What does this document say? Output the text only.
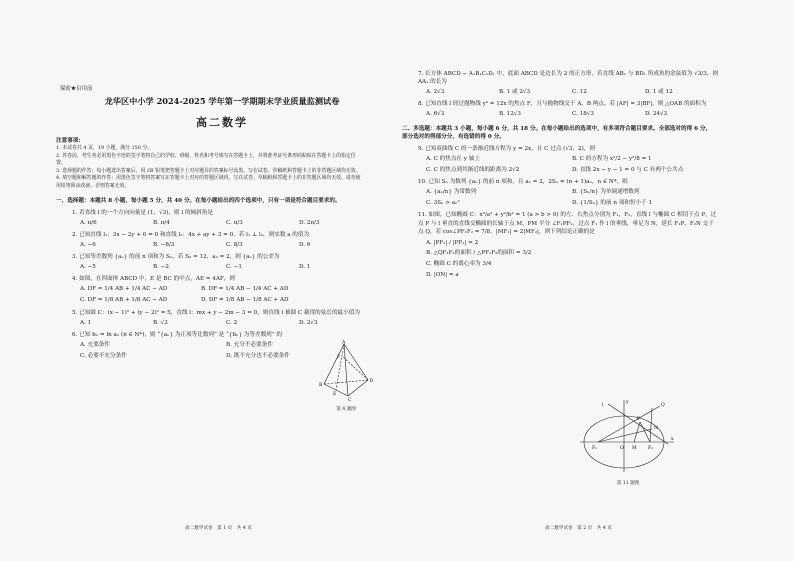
保密★启用前
龙华区中小学 2024-2025 学年第一学期期末学业质量监测试卷
高二数学
注意事项:
1. 本试卷共 4 页，19 小题，满分 150 分。
2. 答卷前，考生务必用黑色字迹的签字笔将自己的学校、班级、姓名和考号填写在答题卡上，并将准考证号条形码粘贴在答题卡上的指定位置。
3. 选择题的作答：每小题选出答案后，用 2B 铅笔把答题卡上对应题目的答案标号涂黑。写在试卷、草稿纸和答题卡上的非答题区域均无效。
4. 填空题和解答题的作答：用黑色签字笔将答案写在答题卡上对应的答题区域内。写在试卷、草稿纸和答题卡上的非答题区域均无效。请勿使用铅笔和涂改液，否则答案无效。
一、选择题：本题共 8 小题，每小题 5 分，共 40 分。在每小题给出的四个选项中，只有一项是符合题目要求的。
1. 若直线 l 的一个方向向量是 (1，√3)，则 l 的倾斜角是
A. π/6	B. π/4	C. π/3	D. 2π/3
2. 已知直线 l₁：3x − 2y + 6 = 0 和直线 l₂：4x + ay + 3 = 0，若 l₁ ⊥ l₂，则实数 a 的值为
A. −6	B. −8/3	C. 8/3	D. 6
3. 已知等差数列 {aₙ} 的前 n 项和为 Sₙ，若 S₃ = 12，a₂ = 2，则 {aₙ} 的公差为
A. −5	B. −2	C. −1	D. 1
4. 如图，在四面体 ABCD 中，E 是 BC 的中点，AE = 4AF，则
A. DF = 1/4 AB + 1/4 AC − AD	B. DF = 1/4 AB − 1/4 AC + AD
C. DF = 1/8 AB + 1/8 AC − AD	D. DF = 1/8 AB − 1/8 AC + AD
5. 已知圆 C：(x − 1)² + (y − 2)² = 5，直线 l：mx + y − 2m − 3 = 0，则直线 l 被圆 C 截得的弦长的最小值为
A. 1	B. √3	C. 2	D. 2√3
6. 已知 bₙ = ln aₙ (n ∈ N*)，则 “{aₙ} 为正项等比数列” 是 “{bₙ} 为等差数列” 的
A. 充要条件	B. 充分不必要条件
C. 必要不充分条件	D. 既不充分也不必要条件
A
B
C
D
E
F
第 4 题图
高二数学试卷　第 1 页　共 4 页
7. 长方体 ABCD − A₁B₁C₁D₁ 中，底面 ABCD 是边长为 2 的正方形，若直线 AB₁ 与 BD₁ 所成角的余弦值为 √3/3，则 AA₁ 的长为
A. 2√3	B. 1 或 2√3	C. 12	D. 1 或 12
8. 已知直线 l 经过抛物线 y² = 12x 的焦点 F，且与抛物线交于 A，B 两点，若 |AF| = 3|BF|，则 △OAB 的面积为
A. 6√3	B. 12√3	C. 18√3	D. 24√3
二、多选题：本题共 3 小题，每小题 6 分，共 18 分。在每小题给出的选项中，有多项符合题目要求。全部选对的得 6 分，部分选对的得部分分，有选错的得 0 分。
9. 已知双曲线 C 的一条渐近线方程为 y = 2x，且 C 过点 (√3，2)，则
A. C 的焦点在 y 轴上	B. C 的方程为 x²/2 − y²/8 = 1
C. C 的焦点到其渐近线的距离为 2√2	D. 直线 2x − y − 1 = 0 与 C 有两个公共点
10. 已知 Sₙ 为数列 {aₙ} 的前 n 项和，且 a₁ = 2，2Sₙ = (n + 1)aₙ，n ∈ N*，则
A. {aₙ/n} 为常数列	B. {Sₙ/n} 为单调递增数列
C. 3Sₙ > aₙ²	D. {1/Sₙ} 的前 n 项和恒小于 1
11. 如图，已知椭圆 C：x²/a² + y²/b² = 1 (a > b > 0) 的左、右焦点分别为 F₁，F₂，直线 l 与椭圆 C 相切于点 P，过点 P 与 l 垂直的直线交椭圆的长轴于点 M，PM 平分 ∠F₁PF₂，过点 F₁ 作 l 的垂线，垂足为 N，延长 F₁P，F₂N 交于点 Q，若 cos∠PF₁F₂ = 7/8，|MF₁| = 2|MF₂|，则下列结论正确的是
A. |PF₁| / |PF₂| = 2
B. △QF₁F₂的面积 / △PF₁F₂的面积 = 3/2
C. 椭圆 C 的离心率为 3/4
D. |ON| = a
l
y
Q
P
N
F₁	O M F₂
x
第 11 题图
高二数学试卷　第 2 页　共 4 页
